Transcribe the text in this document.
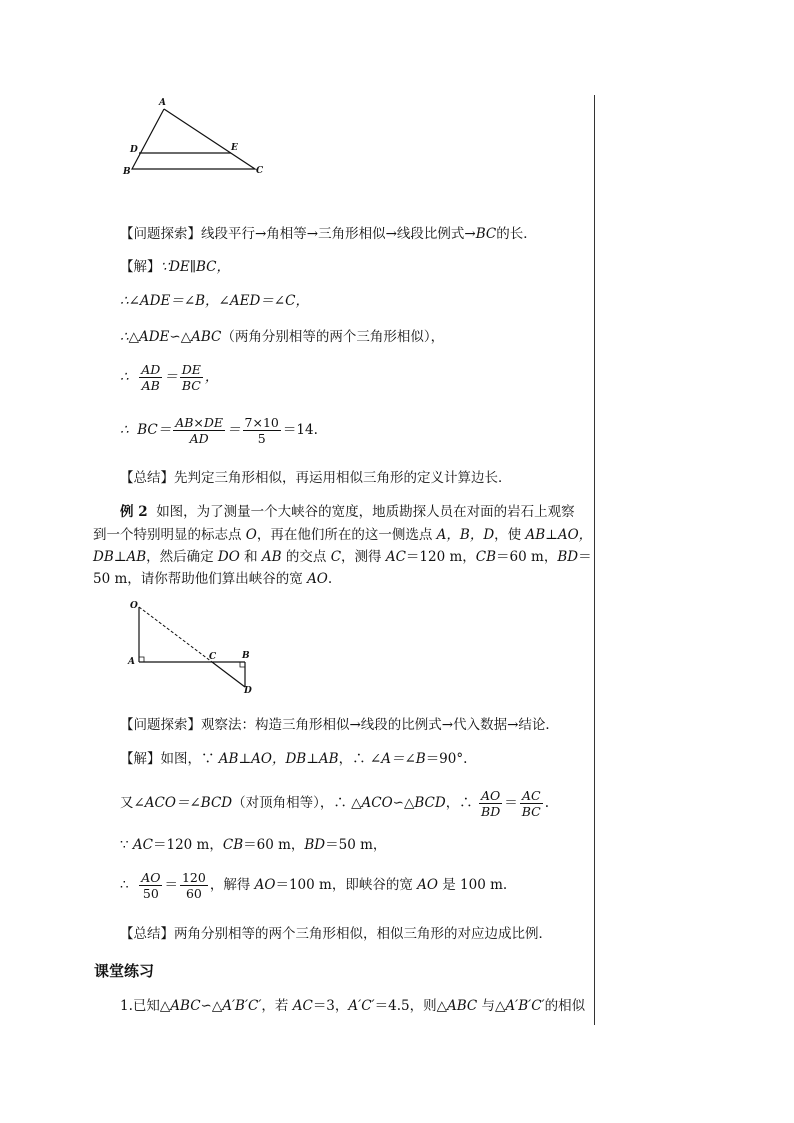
A
D	E
B	C
【问题探索】线段平行→角相等→三角形相似→线段比例式→BC的长．
【解】∵DE∥BC，
∴∠ADE＝∠B，∠AED＝∠C，
∴△ADE∽△ABC（两角分别相等的两个三角形相似），
∴ $\frac{AD}{AB} = \frac{DE}{BC}$ ，
∴ $BC= \frac{AB\times DE}{AD} = \frac{7\times 10}{5} =14$.
【总结】先判定三角形相似，再运用相似三角形的定义计算边长．
例 2 如图，为了测量一个大峡谷的宽度，地质勘探人员在对面的岩石上观察
到一个特别明显的标志点 O，再在他们所在的这一侧选点 A，B，D，使 AB⊥AO，
DB⊥AB，然后确定 DO 和 AB 的交点 C，测得 AC＝120 m，CB＝60 m，BD＝
50 m，请你帮助他们算出峡谷的宽 AO.
O
A	C	B
D
【问题探索】观察法：构造三角形相似→线段的比例式→代入数据→结论．
【解】如图，∵ AB⊥AO，DB⊥AB，∴ ∠A＝∠B＝90°.
又∠ACO＝∠BCD（对顶角相等），∴ △ACO∽△BCD，∴ $\frac{AO}{BD} = \frac{AC}{BC}$ .
∵ AC＝120 m，CB＝60 m，BD＝50 m，
∴ $\frac{AO}{50} = \frac{120}{60}$ ，解得 AO＝100 m，即峡谷的宽 AO 是 100 m.
【总结】两角分别相等的两个三角形相似，相似三角形的对应边成比例．
课堂练习
1.已知△ABC∽△A′B′C′，若 AC＝3，A′C′＝4.5，则△ABC 与△A′B′C′的相似
